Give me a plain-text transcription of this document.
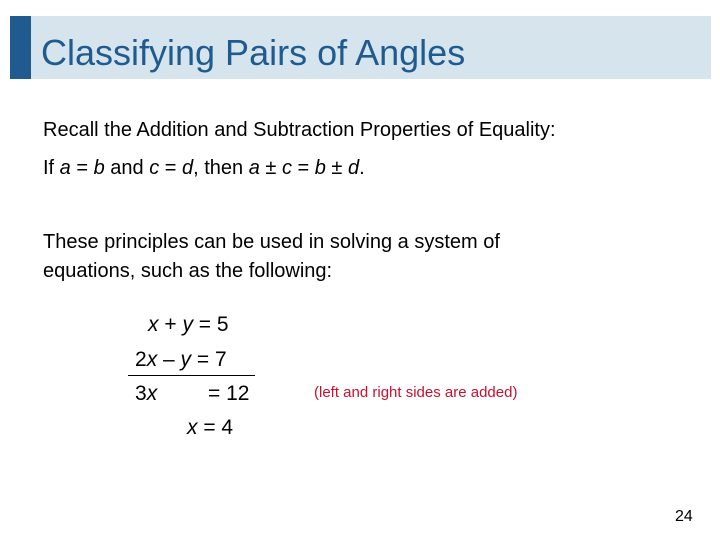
Classifying Pairs of Angles
Recall the Addition and Subtraction Properties of Equality:
If a = b and c = d, then a ± c = b ± d.
These principles can be used in solving a system of
equations, such as the following:
x + y = 5
2x – y = 7
3x = 12
x = 4
(left and right sides are added)
24
